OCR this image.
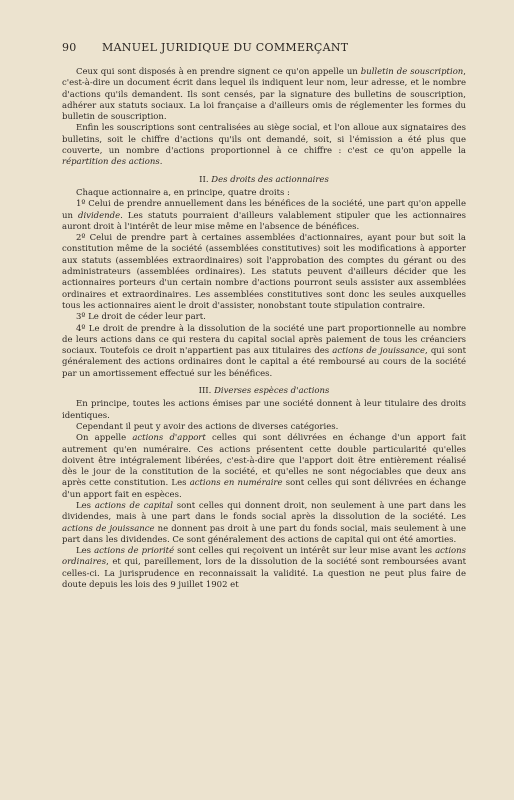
90 MANUEL JURIDIQUE DU COMMERÇANT

Ceux qui sont disposés à en prendre signent ce qu'on appelle un bulletin de souscription, c'est-à-dire un document écrit dans lequel ils indiquent leur nom, leur adresse, et le nombre d'actions qu'ils demandent. Ils sont censés, par la signature des bulletins de souscription, adhérer aux statuts sociaux. La loi française a d'ailleurs omis de réglementer les formes du bulletin de souscription.

Enfin les souscriptions sont centralisées au siège social, et l'on alloue aux signataires des bulletins, soit le chiffre d'actions qu'ils ont demandé, soit, si l'émission a été plus que couverte, un nombre d'actions proportionnel à ce chiffre : c'est ce qu'on appelle la répartition des actions.

II. Des droits des actionnaires

Chaque actionnaire a, en principe, quatre droits :

1º Celui de prendre annuellement dans les bénéfices de la société, une part qu'on appelle un dividende. Les statuts pourraient d'ailleurs valablement stipuler que les actionnaires auront droit à l'intérêt de leur mise même en l'absence de bénéfices.

2º Celui de prendre part à certaines assemblées d'actionnaires, ayant pour but soit la constitution même de la société (assemblées constitutives) soit les modifications à apporter aux statuts (assemblées extraordinaires) soit l'approbation des comptes du gérant ou des administrateurs (assemblées ordinaires). Les statuts peuvent d'ailleurs décider que les actionnaires porteurs d'un certain nombre d'actions pourront seuls assister aux assemblées ordinaires et extraordinaires. Les assemblées constitutives sont donc les seules auxquelles tous les actionnaires aient le droit d'assister, nonobstant toute stipulation contraire.

3º Le droit de céder leur part.

4º Le droit de prendre à la dissolution de la société une part proportionnelle au nombre de leurs actions dans ce qui restera du capital social après paiement de tous les créanciers sociaux. Toutefois ce droit n'appartient pas aux titulaires des actions de jouissance, qui sont généralement des actions ordinaires dont le capital a été remboursé au cours de la société par un amortissement effectué sur les bénéfices.

III. Diverses espèces d'actions

En principe, toutes les actions émises par une société donnent à leur titulaire des droits identiques.

Cependant il peut y avoir des actions de diverses catégories.

On appelle actions d'apport celles qui sont délivrées en échange d'un apport fait autrement qu'en numéraire. Ces actions présentent cette double particularité qu'elles doivent être intégralement libérées, c'est-à-dire que l'apport doit être entièrement réalisé dès le jour de la constitution de la société, et qu'elles ne sont négociables que deux ans après cette constitution. Les actions en numéraire sont celles qui sont délivrées en échange d'un apport fait en espèces.

Les actions de capital sont celles qui donnent droit, non seulement à une part dans les dividendes, mais à une part dans le fonds social après la dissolution de la société. Les actions de jouissance ne donnent pas droit à une part du fonds social, mais seulement à une part dans les dividendes. Ce sont généralement des actions de capital qui ont été amorties.

Les actions de priorité sont celles qui reçoivent un intérêt sur leur mise avant les actions ordinaires, et qui, pareillement, lors de la dissolution de la société sont remboursées avant celles-ci. La jurisprudence en reconnaissait la validité. La question ne peut plus faire de doute depuis les lois des 9 juillet 1902 et
